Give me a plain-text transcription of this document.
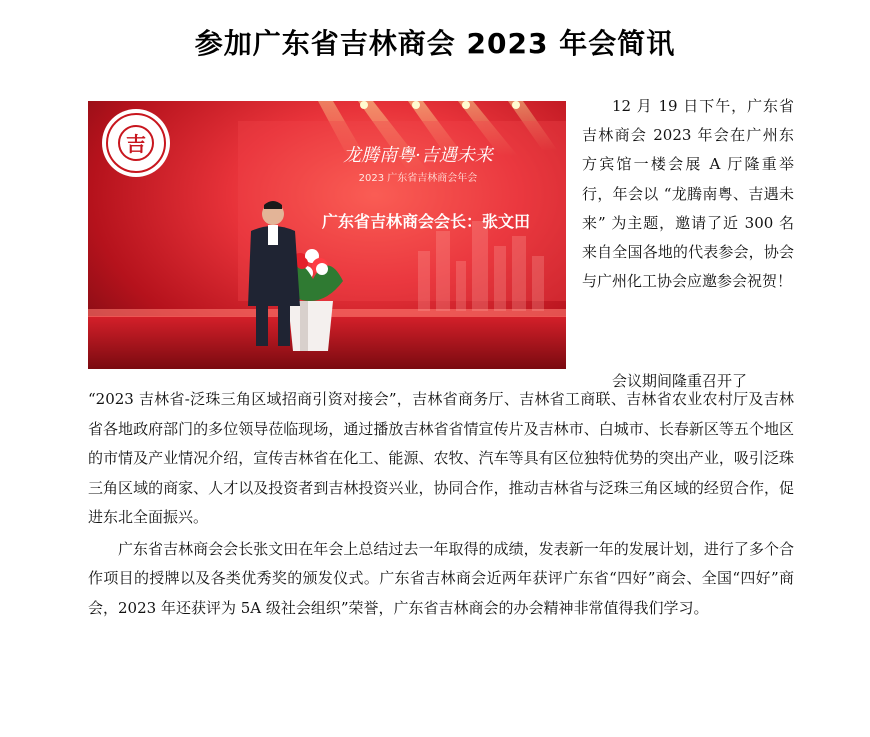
参加广东省吉林商会 2023 年会简讯
吉	龙腾南粤·吉遇未来
2023 广东省吉林商会年会
广东省吉林商会会长：张文田

12 月 19 日下午，广东省吉林商会 2023 年会在广州东方宾馆一楼会展 A 厅隆重举行，年会以 “龙腾南粤、吉遇未来” 为主题，邀请了近 300 名来自全国各地的代表参会，协会与广州化工协会应邀参会祝贺！

会议期间隆重召开了

“2023 吉林省-泛珠三角区域招商引资对接会”，吉林省商务厅、吉林省工商联、吉林省农业农村厅及吉林省各地政府部门的多位领导莅临现场，通过播放吉林省省情宣传片及吉林市、白城市、长春新区等五个地区的市情及产业情况介绍，宣传吉林省在化工、能源、农牧、汽车等具有区位独特优势的突出产业，吸引泛珠三角区域的商家、人才以及投资者到吉林投资兴业，协同合作，推动吉林省与泛珠三角区域的经贸合作，促进东北全面振兴。

广东省吉林商会会长张文田在年会上总结过去一年取得的成绩，发表新一年的发展计划，进行了多个合作项目的授牌以及各类优秀奖的颁发仪式。广东省吉林商会近两年获评广东省“四好”商会、全国“四好”商会，2023 年还获评为 5A 级社会组织”荣誉，广东省吉林商会的办会精神非常值得我们学习。
